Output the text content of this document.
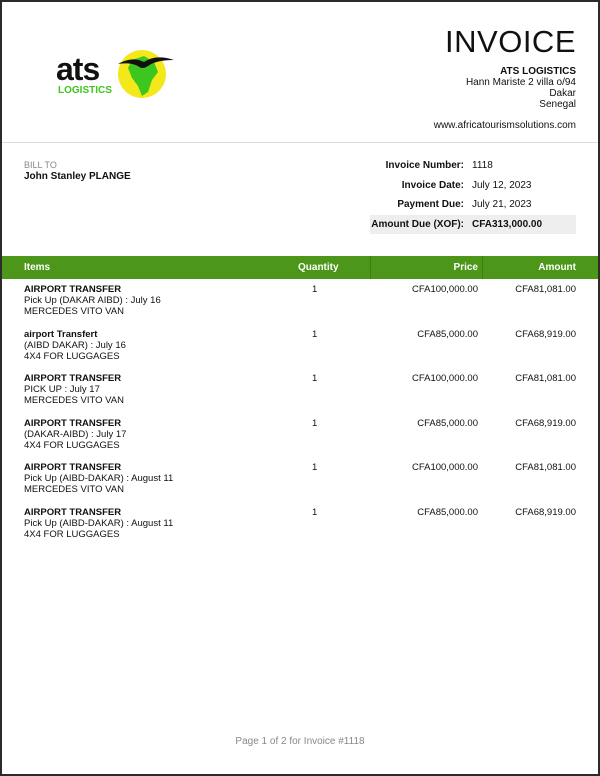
ats
LOGISTICS
INVOICE
ATS LOGISTICS
Hann Mariste 2 villa o/94
Dakar
Senegal
www.africatourismsolutions.com
BILL TO
John Stanley PLANGE
Invoice Number: 1118
Invoice Date: July 12, 2023
Payment Due: July 21, 2023
Amount Due (XOF): CFA313,000.00
Items	Quantity	Price	Amount
AIRPORT TRANSFER
Pick Up (DAKAR AIBD) : July 16
MERCEDES VITO VAN
1	CFA100,000.00	CFA81,081.00
airport Transfert
(AIBD DAKAR) : July 16
4X4 FOR LUGGAGES
1	CFA85,000.00	CFA68,919.00
AIRPORT TRANSFER
PICK UP : July 17
MERCEDES VITO VAN
1	CFA100,000.00	CFA81,081.00
AIRPORT TRANSFER
(DAKAR-AIBD) : July 17
4X4 FOR LUGGAGES
1	CFA85,000.00	CFA68,919.00
AIRPORT TRANSFER
Pick Up (AIBD-DAKAR) : August 11
MERCEDES VITO VAN
1	CFA100,000.00	CFA81,081.00
AIRPORT TRANSFER
Pick Up (AIBD-DAKAR) : August 11
4X4 FOR LUGGAGES
1	CFA85,000.00	CFA68,919.00
Page 1 of 2 for Invoice #1118
